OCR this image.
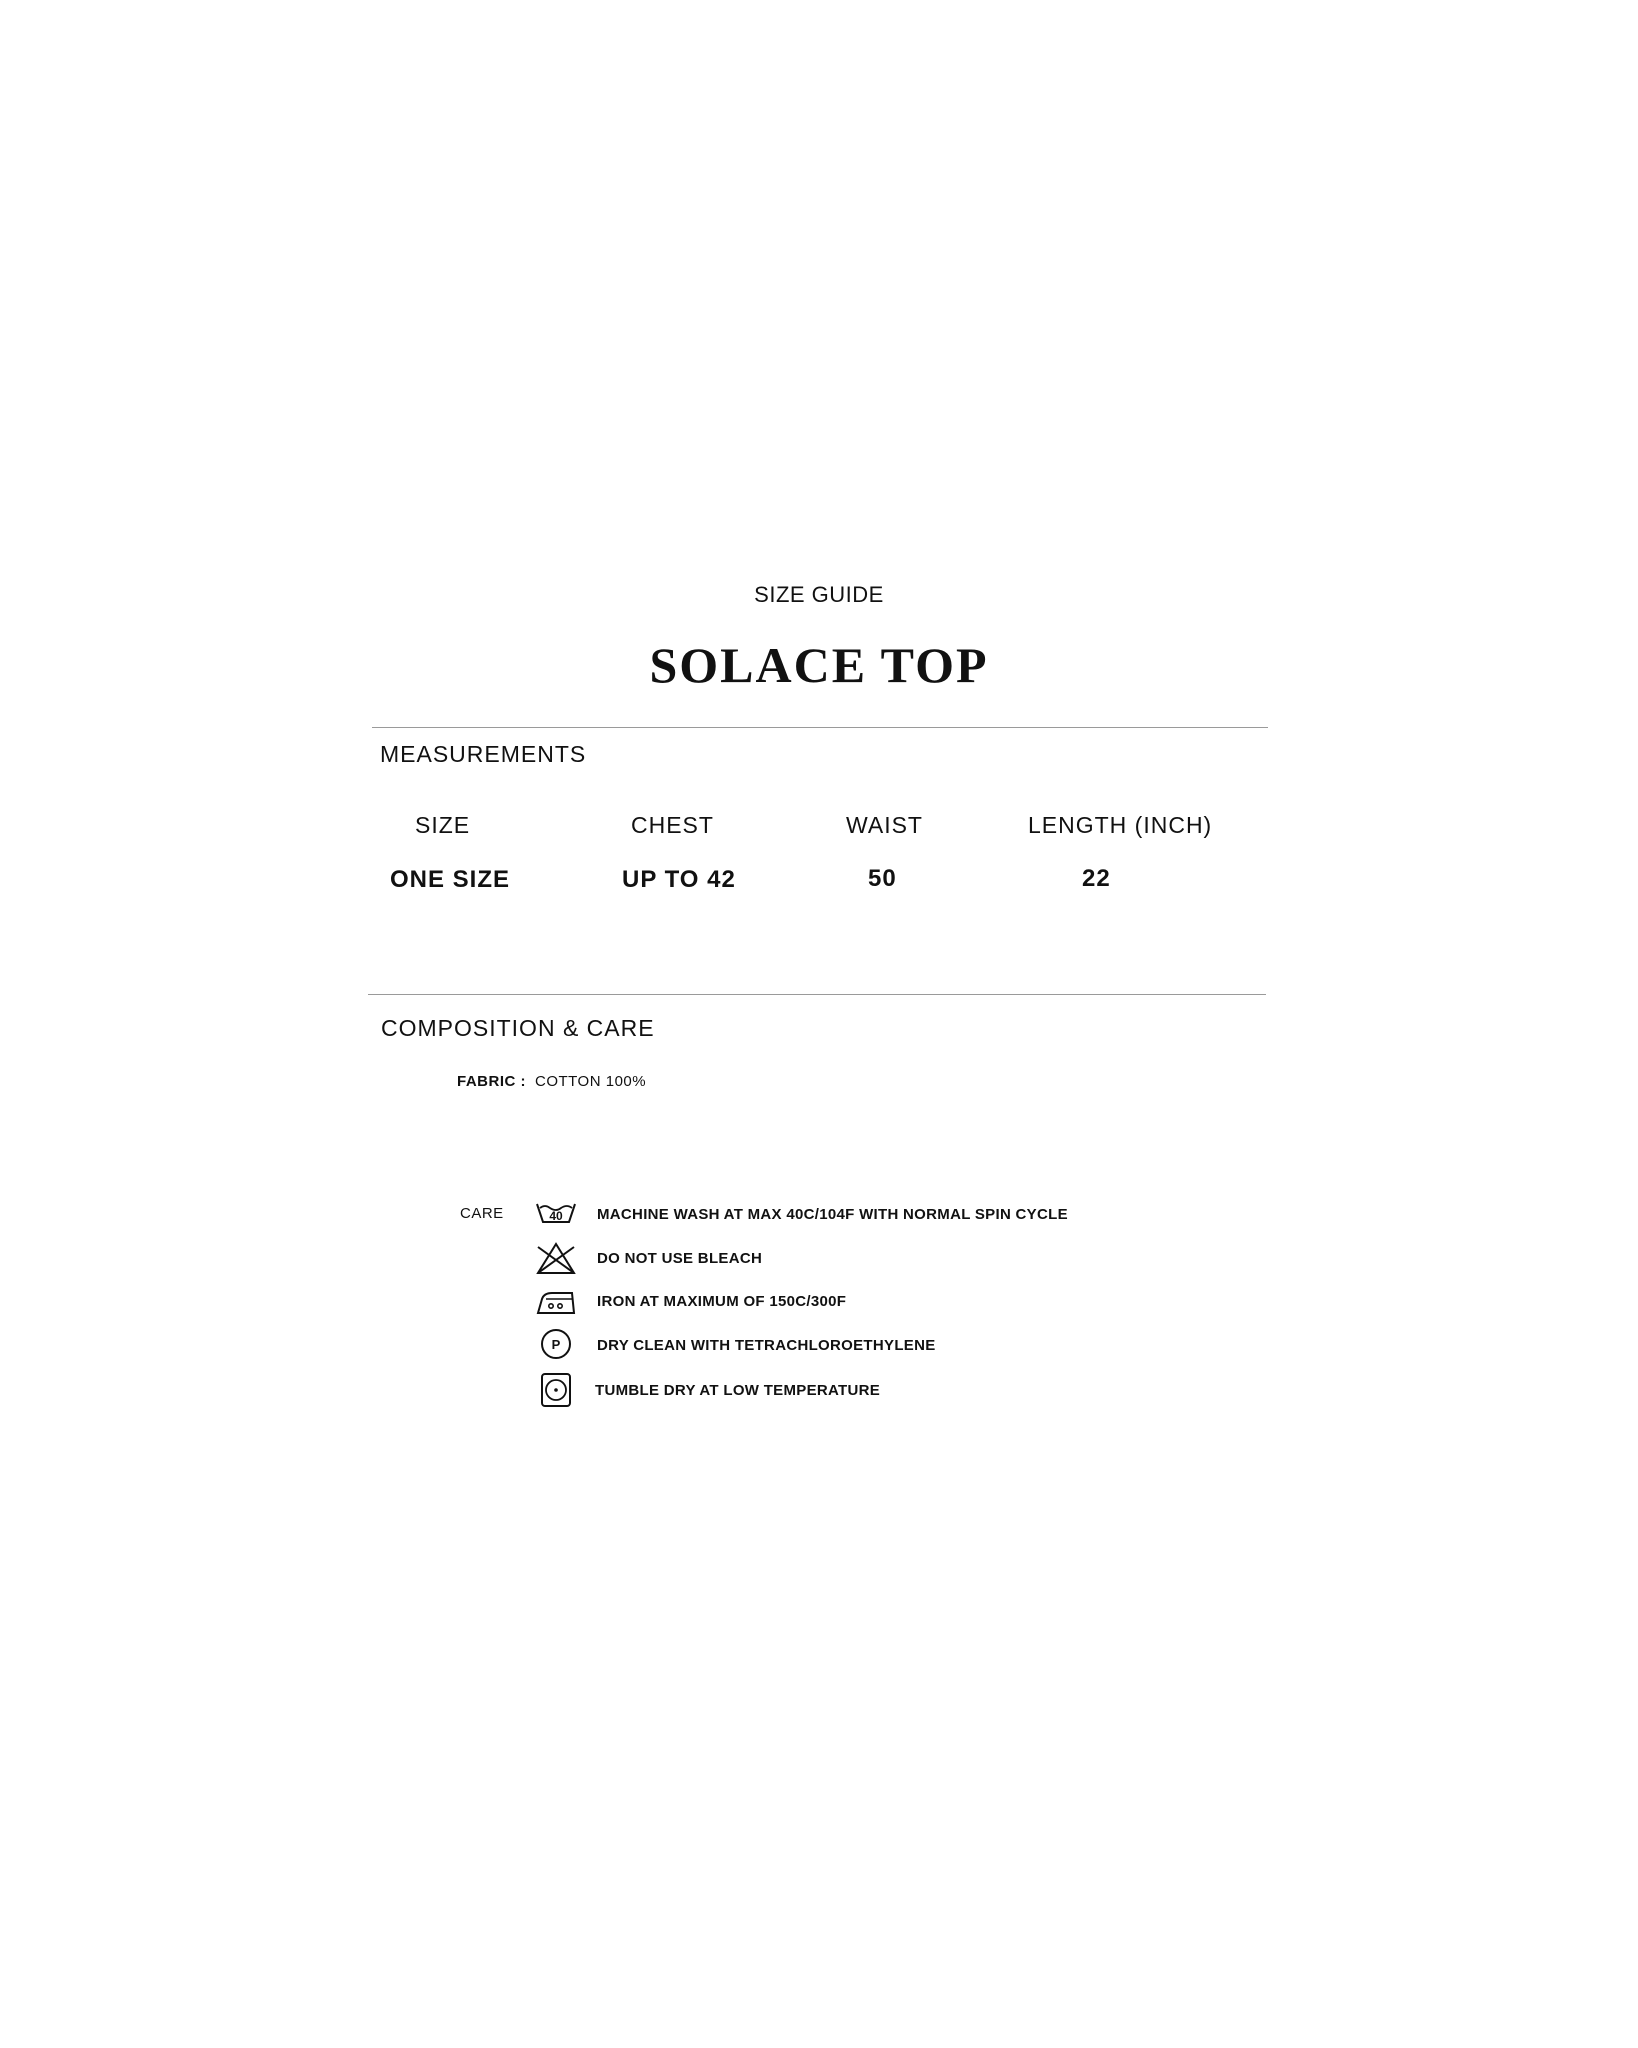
SIZE GUIDE
SOLACE TOP
MEASUREMENTS
SIZE	CHEST	WAIST	LENGTH (INCH)
ONE SIZE	UP TO 42	50	22
COMPOSITION & CARE
FABRIC : COTTON 100%
CARE	40 MACHINE WASH AT MAX 40C/104F WITH NORMAL SPIN CYCLE
DO NOT USE BLEACH
IRON AT MAXIMUM OF 150C/300F
P DRY CLEAN WITH TETRACHLOROETHYLENE
TUMBLE DRY AT LOW TEMPERATURE
